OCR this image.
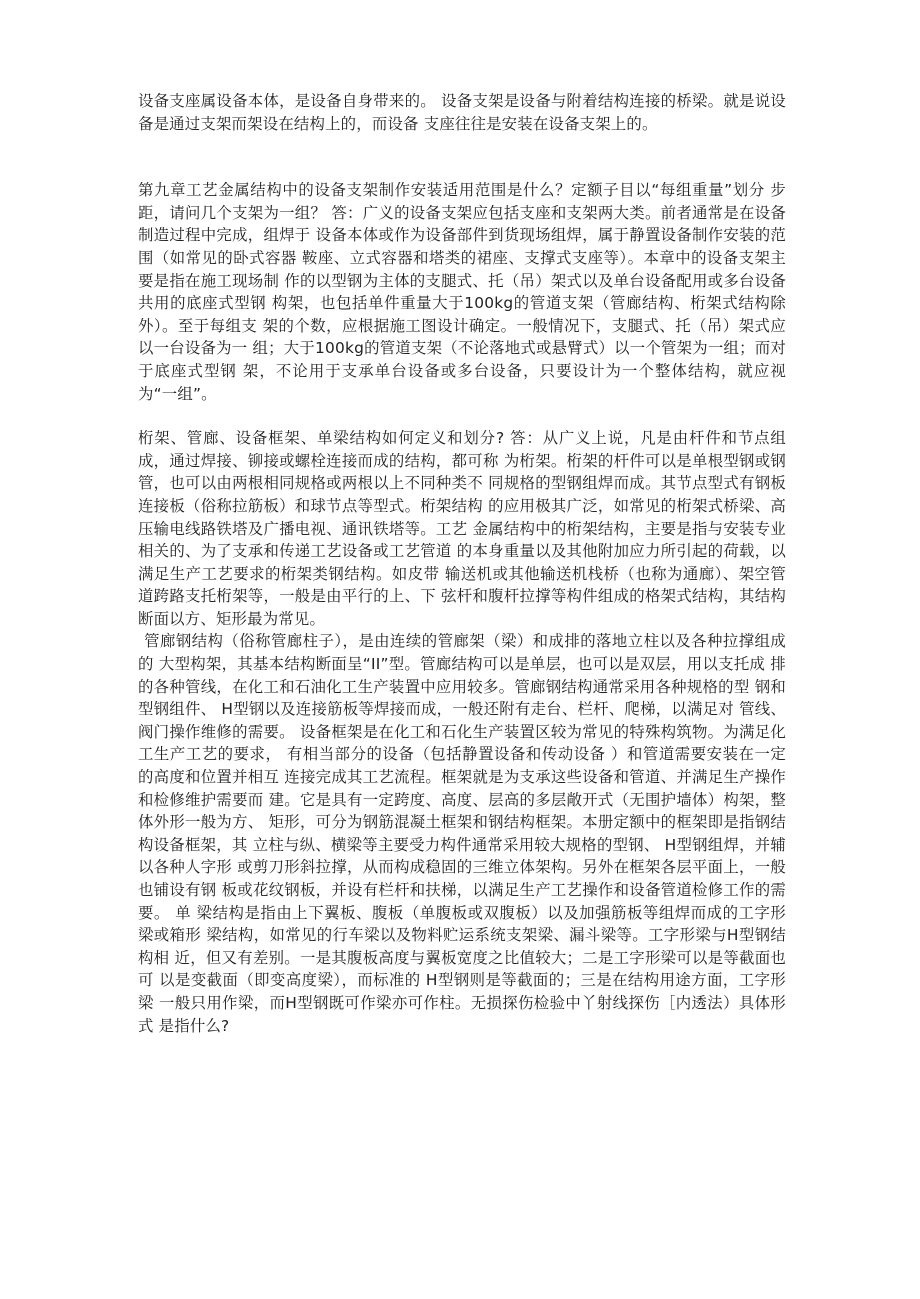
设备支座属设备本体，是设备自身带来的。 设备支架是设备与附着结构连接的桥梁。就是说设备是通过支架而架设在结构上的，而设备 支座往往是安装在设备支架上的。

第九章工艺金属结构中的设备支架制作安装适用范围是什么？定额子目以“每组重量”划分 步距，请问几个支架为一组？ 答：广义的设备支架应包括支座和支架两大类。前者通常是在设备制造过程中完成，组焊于 设备本体或作为设备部件到货现场组焊，属于静置设备制作安装的范围（如常见的卧式容器 鞍座、立式容器和塔类的裙座、支撑式支座等）。本章中的设备支架主要是指在施工现场制 作的以型钢为主体的支腿式、托（吊）架式以及单台设备配用或多台设备共用的底座式型钢 构架，也包括单件重量大于100kg的管道支架（管廊结构、桁架式结构除外）。至于每组支 架的个数，应根据施工图设计确定。一般情况下，支腿式、托（吊）架式应以一台设备为一 组；大于100kg的管道支架（不论落地式或悬臂式）以一个管架为一组；而对于底座式型钢 架，不论用于支承单台设备或多台设备，只要设计为一个整体结构，就应视为“一组”。

桁架、管廊、设备框架、单梁结构如何定义和划分? 答：从广义上说，凡是由杆件和节点组成，通过焊接、铆接或螺栓连接而成的结构，都可称 为桁架。桁架的杆件可以是单根型钢或钢管，也可以由两根相同规格或两根以上不同种类不 同规格的型钢组焊而成。其节点型式有钢板连接板（俗称拉筋板）和球节点等型式。桁架结构 的应用极其广泛，如常见的桁架式桥梁、高压输电线路铁塔及广播电视、通讯铁塔等。工艺 金属结构中的桁架结构，主要是指与安装专业相关的、为了支承和传递工艺设备或工艺管道 的本身重量以及其他附加应力所引起的荷载，以满足生产工艺要求的桁架类钢结构。如皮带 输送机或其他输送机栈桥（也称为通廊）、架空管道跨路支托桁架等，一般是由平行的上、下 弦杆和腹杆拉撑等构件组成的格架式结构，其结构断面以方、矩形最为常见。

管廊钢结构（俗称管廊柱子），是由连续的管廊架（梁）和成排的落地立柱以及各种拉撑组成的 大型构架，其基本结构断面呈“II”型。管廊结构可以是单层，也可以是双层，用以支托成 排的各种管线，在化工和石油化工生产装置中应用较多。管廊钢结构通常采用各种规格的型 钢和型钢组件、 H型钢以及连接筋板等焊接而成，一般还附有走台、栏杆、爬梯，以满足对 管线、阀门操作维修的需要。 设备框架是在化工和石化生产装置区较为常见的特殊构筑物。为满足化工生产工艺的要求， 有相当部分的设备（包括静置设备和传动设备 ）和管道需要安装在一定的高度和位置并相互 连接完成其工艺流程。框架就是为支承这些设备和管道、并满足生产操作和检修维护需要而 建。它是具有一定跨度、高度、层高的多层敞开式（无围护墙体）构架，整体外形一般为方、 矩形，可分为钢筋混凝土框架和钢结构框架。本册定额中的框架即是指钢结构设备框架，其 立柱与纵、横梁等主要受力构件通常采用较大规格的型钢、 H型钢组焊，并辅以各种人字形 或剪刀形斜拉撑，从而构成稳固的三维立体架构。另外在框架各层平面上，一般也铺设有钢 板或花纹钢板，并设有栏杆和扶梯，以满足生产工艺操作和设备管道检修工作的需要。 单 梁结构是指由上下翼板、腹板（单腹板或双腹板）以及加强筋板等组焊而成的工字形梁或箱形 梁结构，如常见的行车梁以及物料贮运系统支架梁、漏斗梁等。工字形梁与H型钢结构相 近，但又有差别。一是其腹板高度与翼板宽度之比值较大；二是工字形梁可以是等截面也可 以是变截面（即变高度梁），而标准的 H型钢则是等截面的；三是在结构用途方面，工字形梁 一般只用作梁，而H型钢既可作梁亦可作柱。无损探伤检验中丫射线探伤［内透法）具体形式 是指什么?
